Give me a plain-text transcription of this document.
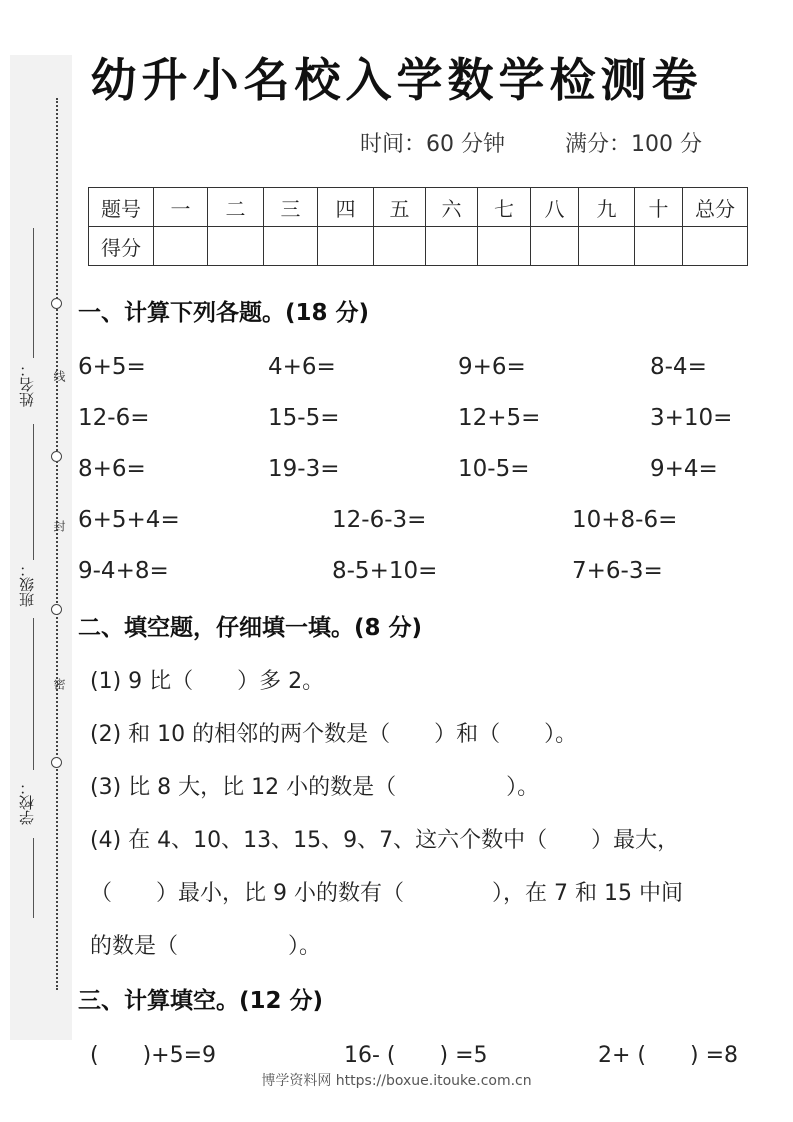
姓名：
班级：
学校：
线
封
密
幼升小名校入学数学检测卷
时间：60 分钟	满分：100 分
题号	一	二	三	四	五	六	七	八	九	十	总分
得分											
一、计算下列各题。(18 分)
6+5=	4+6=	9+6=	8-4=
12-6=	15-5=	12+5=	3+10=
8+6=	19-3=	10-5=	9+4=
6+5+4=	12-6-3=	10+8-6=
9-4+8=	8-5+10=	7+6-3=
二、填空题，仔细填一填。(8 分)
(1) 9 比（　　）多 2。
(2) 和 10 的相邻的两个数是（　　）和（　　）。
(3) 比 8 大，比 12 小的数是（　　　　　）。
(4) 在 4、10、13、15、9、7、这六个数中（　　）最大，
（　　）最小，比 9 小的数有（　　　　），在 7 和 15 中间
的数是（　　　　　）。
三、计算填空。(12 分)
(　　)+5=9	16- (　　) =5	2+ (　　) =8
博学资料网 https://boxue.itouke.com.cn
